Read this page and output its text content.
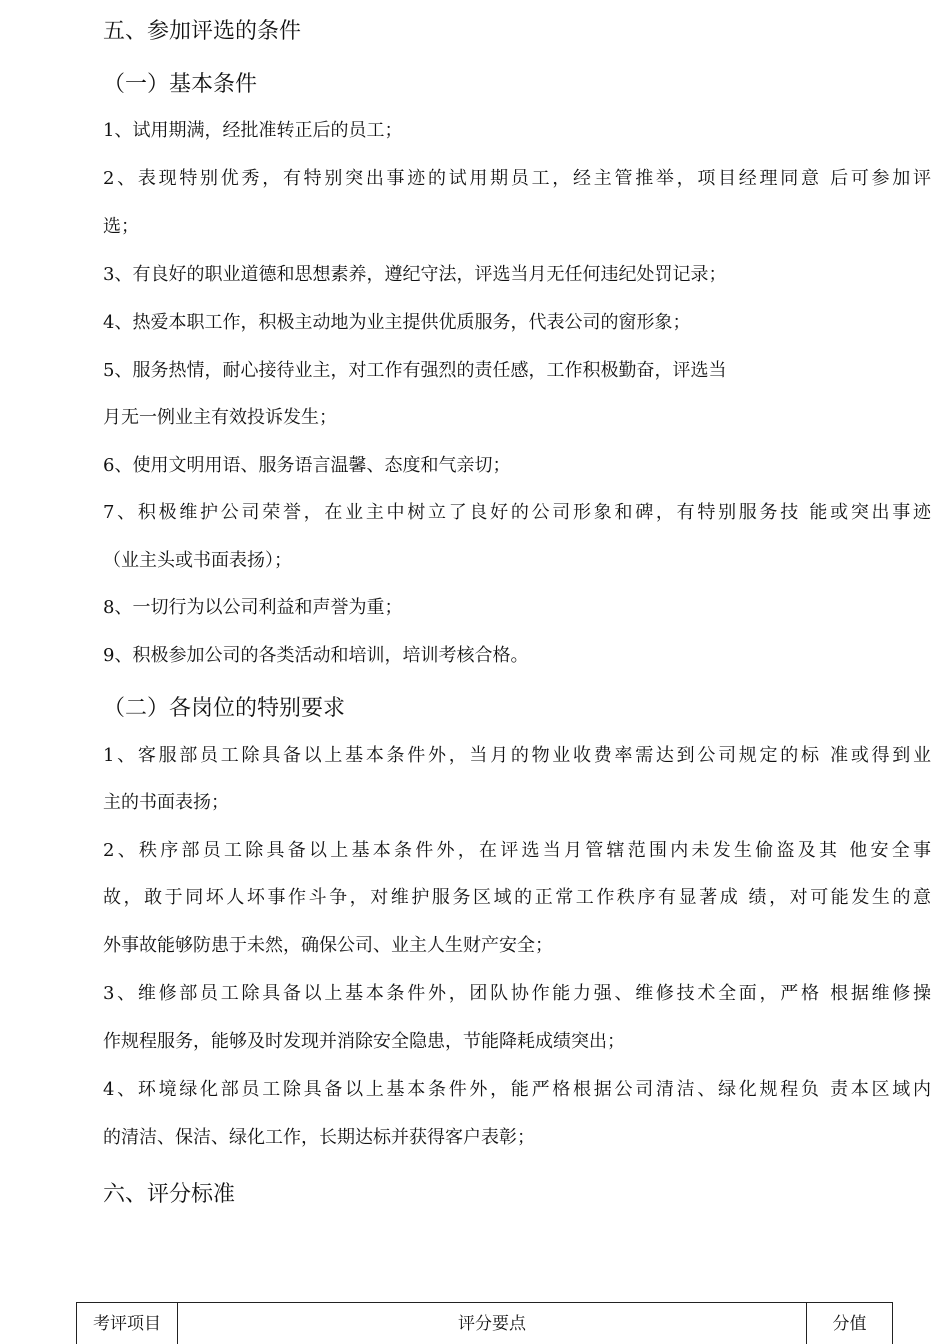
五、参加评选的条件
（一）基本条件
1、试用期满，经批准转正后的员工；
2、表现特别优秀，有特别突出事迹的试用期员工，经主管推举，项目经理同意 后可参加评
选；
3、有良好的职业道德和思想素养，遵纪守法，评选当月无任何违纪处罚记录；
4、热爱本职工作，积极主动地为业主提供优质服务，代表公司的窗形象；
5、服务热情，耐心接待业主，对工作有强烈的责任感，工作积极勤奋，评选当
月无一例业主有效投诉发生；
6、使用文明用语、服务语言温馨、态度和气亲切；
7、积极维护公司荣誉，在业主中树立了良好的公司形象和碑，有特别服务技 能或突出事迹
（业主头或书面表扬）；
8、一切行为以公司利益和声誉为重；
9、积极参加公司的各类活动和培训，培训考核合格。
（二）各岗位的特别要求
1、客服部员工除具备以上基本条件外，当月的物业收费率需达到公司规定的标 准或得到业
主的书面表扬；
2、秩序部员工除具备以上基本条件外，在评选当月管辖范围内未发生偷盗及其 他安全事
故，敢于同坏人坏事作斗争，对维护服务区域的正常工作秩序有显著成 绩，对可能发生的意
外事故能够防患于未然，确保公司、业主人生财产安全；
3、维修部员工除具备以上基本条件外，团队协作能力强、维修技术全面，严格 根据维修操
作规程服务，能够及时发现并消除安全隐患，节能降耗成绩突出；
4、环境绿化部员工除具备以上基本条件外，能严格根据公司清洁、绿化规程负 责本区域内
的清洁、保洁、绿化工作，长期达标并获得客户表彰；
六、评分标准
考评项目	评分要点	分值
